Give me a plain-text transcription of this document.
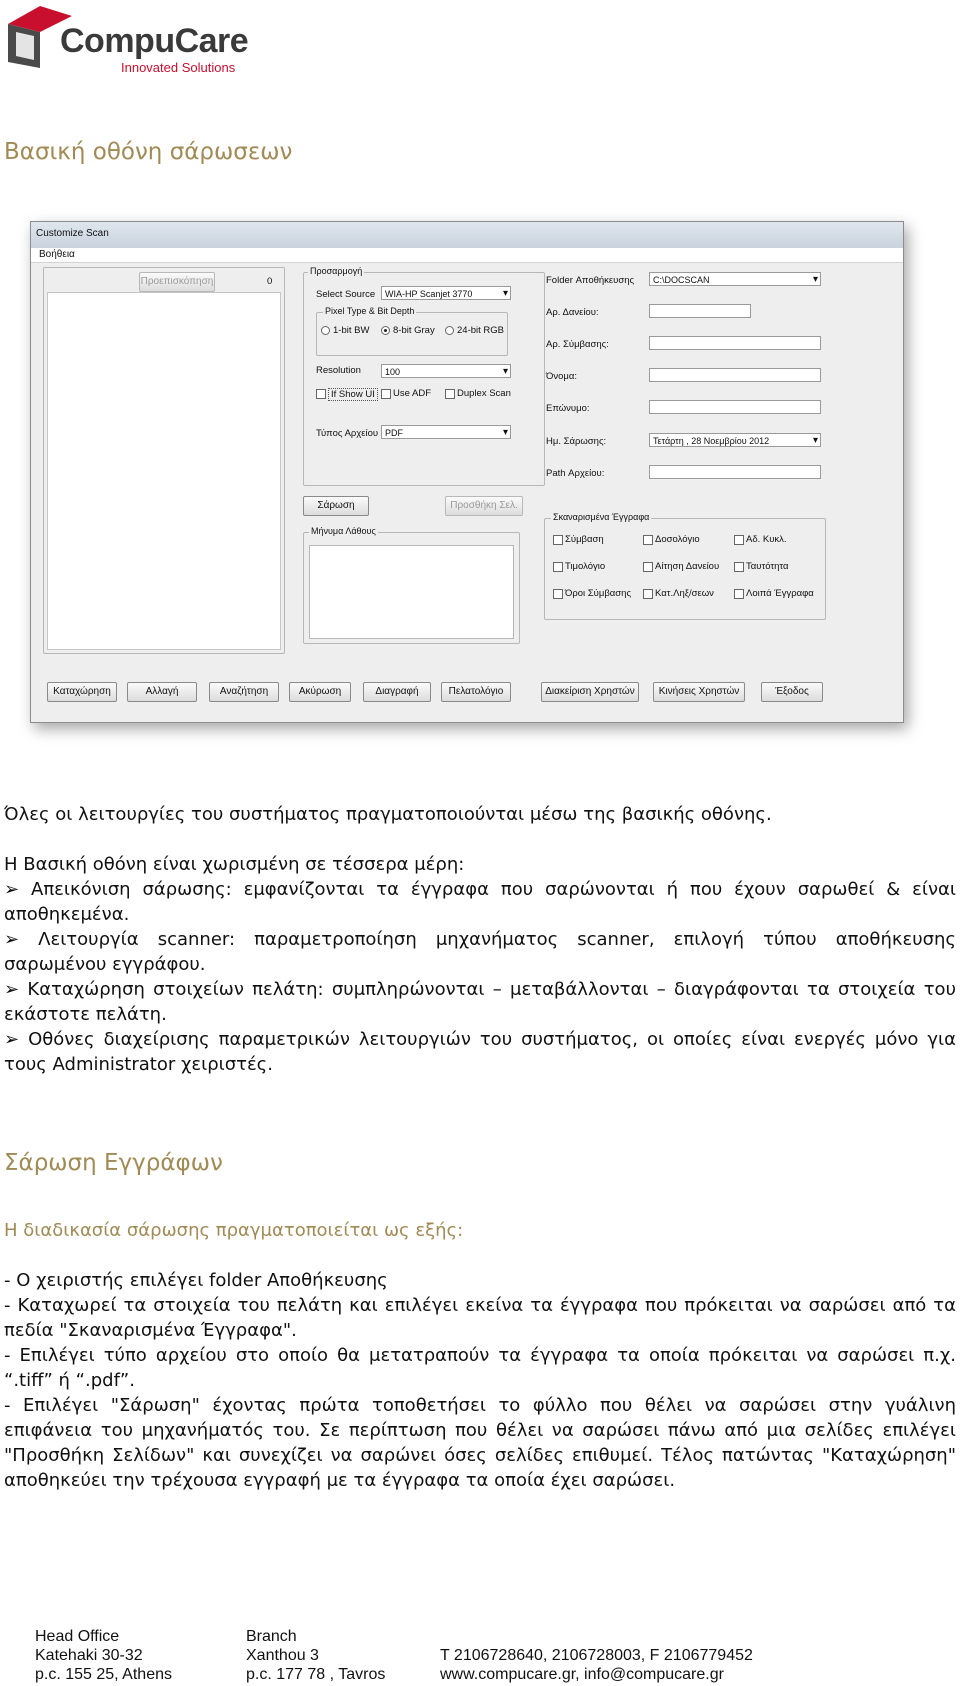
CompuCare
Innovated Solutions
Βασική οθόνη σάρωσεων
Customize Scan
Βοήθεια
Προεπισκόπηση	0
Προσαρμογή
Select Source	WIA-HP Scanjet 3770 ▾
Pixel Type & Bit Depth
1-bit BW 8-bit Gray 24-bit RGB
Resolution	100 ▾
If Show UI	Use ADF	Duplex Scan
Τύπος Αρχείου PDF ▾
Σάρωση	Προσθήκη Σελ.
Μήνυμα Λάθους
Folder Αποθήκευσης	C:\DOCSCAN ▾
Αρ. Δανείου:
Αρ. Σύμβασης:
Όνομα:
Επώνυμο:
Ημ. Σάρωσης:	Τετάρτη , 28 Νοεμβρίου 2012 ▾
Path Αρχείου:
Σκαναρισμένα Έγγραφα
Σύμβαση	Δοσολόγιο	Αδ. Κυκλ.
Τιμολόγιο	Αίτηση Δανείου	Ταυτότητα
Όροι Σύμβασης	Κατ.Ληξ/σεων	Λοιπά Έγγραφα
Καταχώρηση	Αλλαγή	Αναζήτηση	Ακύρωση	Διαγραφή	Πελατολόγιο	Διακείριση Χρηστών	Κινήσεις Χρηστών	Έξοδος
Όλες οι λειτουργίες του συστήματος πραγματοποιούνται μέσω της βασικής οθόνης.
Η Βασική οθόνη είναι χωρισμένη σε τέσσερα μέρη:
➢ Απεικόνιση σάρωσης: εμφανίζονται τα έγγραφα που σαρώνονται ή που έχουν σαρωθεί & είναι αποθηκεμένα.
➢ Λειτουργία scanner: παραμετροποίηση μηχανήματος scanner, επιλογή τύπου αποθήκευσης σαρωμένου εγγράφου.
➢ Καταχώρηση στοιχείων πελάτη: συμπληρώνονται – μεταβάλλονται – διαγράφονται τα στοιχεία του εκάστοτε πελάτη.
➢ Οθόνες διαχείρισης παραμετρικών λειτουργιών του συστήματος, οι οποίες είναι ενεργές μόνο για τους Administrator χειριστές.
Σάρωση Εγγράφων
Η διαδικασία σάρωσης πραγματοποιείται ως εξής:
- Ο χειριστής επιλέγει folder Αποθήκευσης
- Καταχωρεί τα στοιχεία του πελάτη και επιλέγει εκείνα τα έγγραφα που πρόκειται να σαρώσει από τα πεδία "Σκαναρισμένα Έγγραφα".
- Επιλέγει τύπο αρχείου στο οποίο θα μετατραπούν τα έγγραφα τα οποία πρόκειται να σαρώσει π.χ. “.tiff” ή “.pdf”.
- Επιλέγει "Σάρωση" έχοντας πρώτα τοποθετήσει το φύλλο που θέλει να σαρώσει στην γυάλινη επιφάνεια του μηχανήματός του. Σε περίπτωση που θέλει να σαρώσει πάνω από μια σελίδες επιλέγει "Προσθήκη Σελίδων" και συνεχίζει να σαρώνει όσες σελίδες επιθυμεί. Τέλος πατώντας "Καταχώρηση" αποθηκεύει την τρέχουσα εγγραφή με τα έγγραφα τα οποία έχει σαρώσει.
Head Office
Katehaki 30-32
p.c. 155 25, Athens
Branch
Xanthou 3
p.c. 177 78 , Tavros

T 2106728640, 2106728003, F 2106779452
www.compucare.gr, info@compucare.gr
